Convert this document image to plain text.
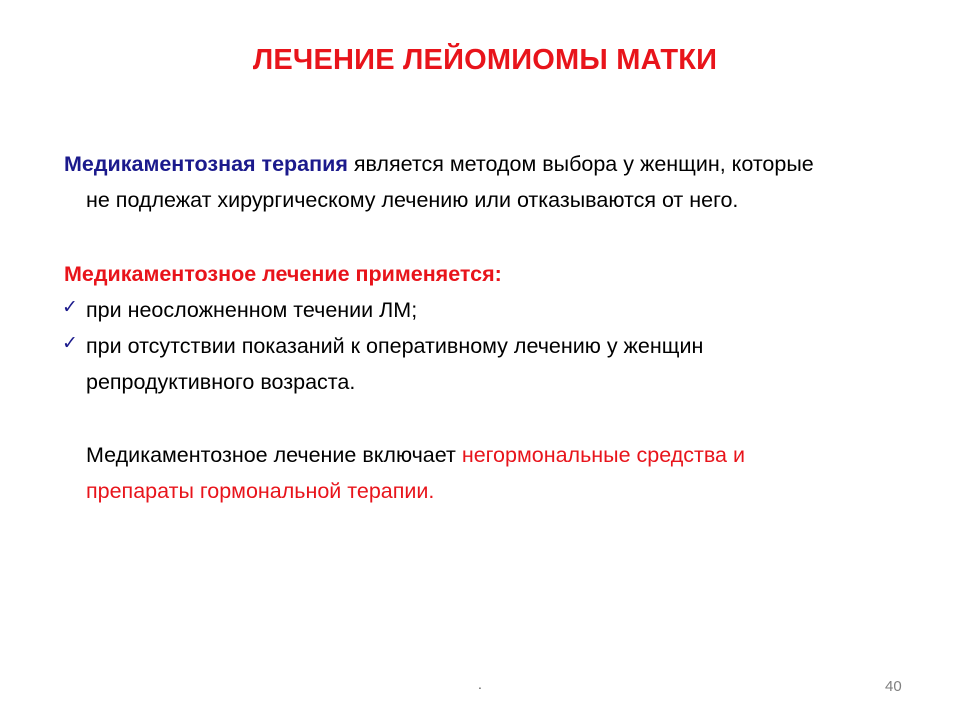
ЛЕЧЕНИЕ ЛЕЙОМИОМЫ МАТКИ
Медикаментозная терапия является методом выбора у женщин, которые
не подлежат хирургическому лечению или отказываются от него.
Медикаментозное лечение применяется:
✓ при неосложненном течении ЛМ;
✓ при отсутствии показаний к оперативному лечению у женщин
репродуктивного возраста.
Медикаментозное лечение включает негормональные средства и
препараты гормональной терапии.
.	40
